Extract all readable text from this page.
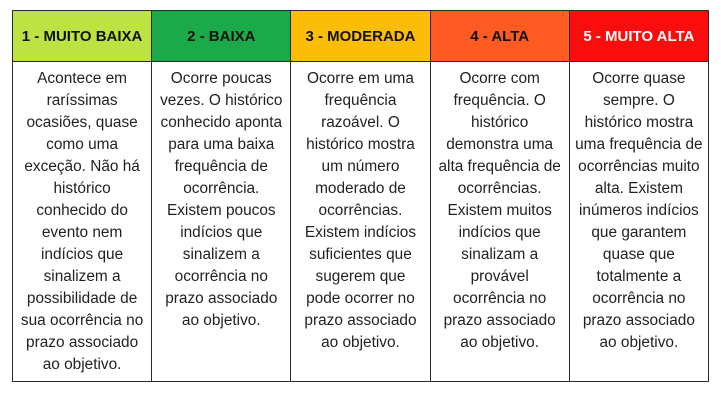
1 - MUITO BAIXA	2 - BAIXA	3 - MODERADA	4 - ALTA	5 - MUITO ALTA
Acontece em raríssimas ocasiões, quase como uma exceção. Não há histórico conhecido do evento nem indícios que sinalizem a possibilidade de sua ocorrência no prazo associado ao objetivo.	Ocorre poucas vezes. O histórico conhecido aponta para uma baixa frequência de ocorrência. Existem poucos indícios que sinalizem a ocorrência no prazo associado ao objetivo.	Ocorre em uma frequência razoável. O histórico mostra um número moderado de ocorrências. Existem indícios suficientes que sugerem que pode ocorrer no prazo associado ao objetivo.	Ocorre com frequência. O histórico demonstra uma alta frequência de ocorrências. Existem muitos indícios que sinalizam a provável ocorrência no prazo associado ao objetivo.	Ocorre quase sempre. O histórico mostra uma frequência de ocorrências muito alta. Existem inúmeros indícios que garantem quase que totalmente a ocorrência no prazo associado ao objetivo.
